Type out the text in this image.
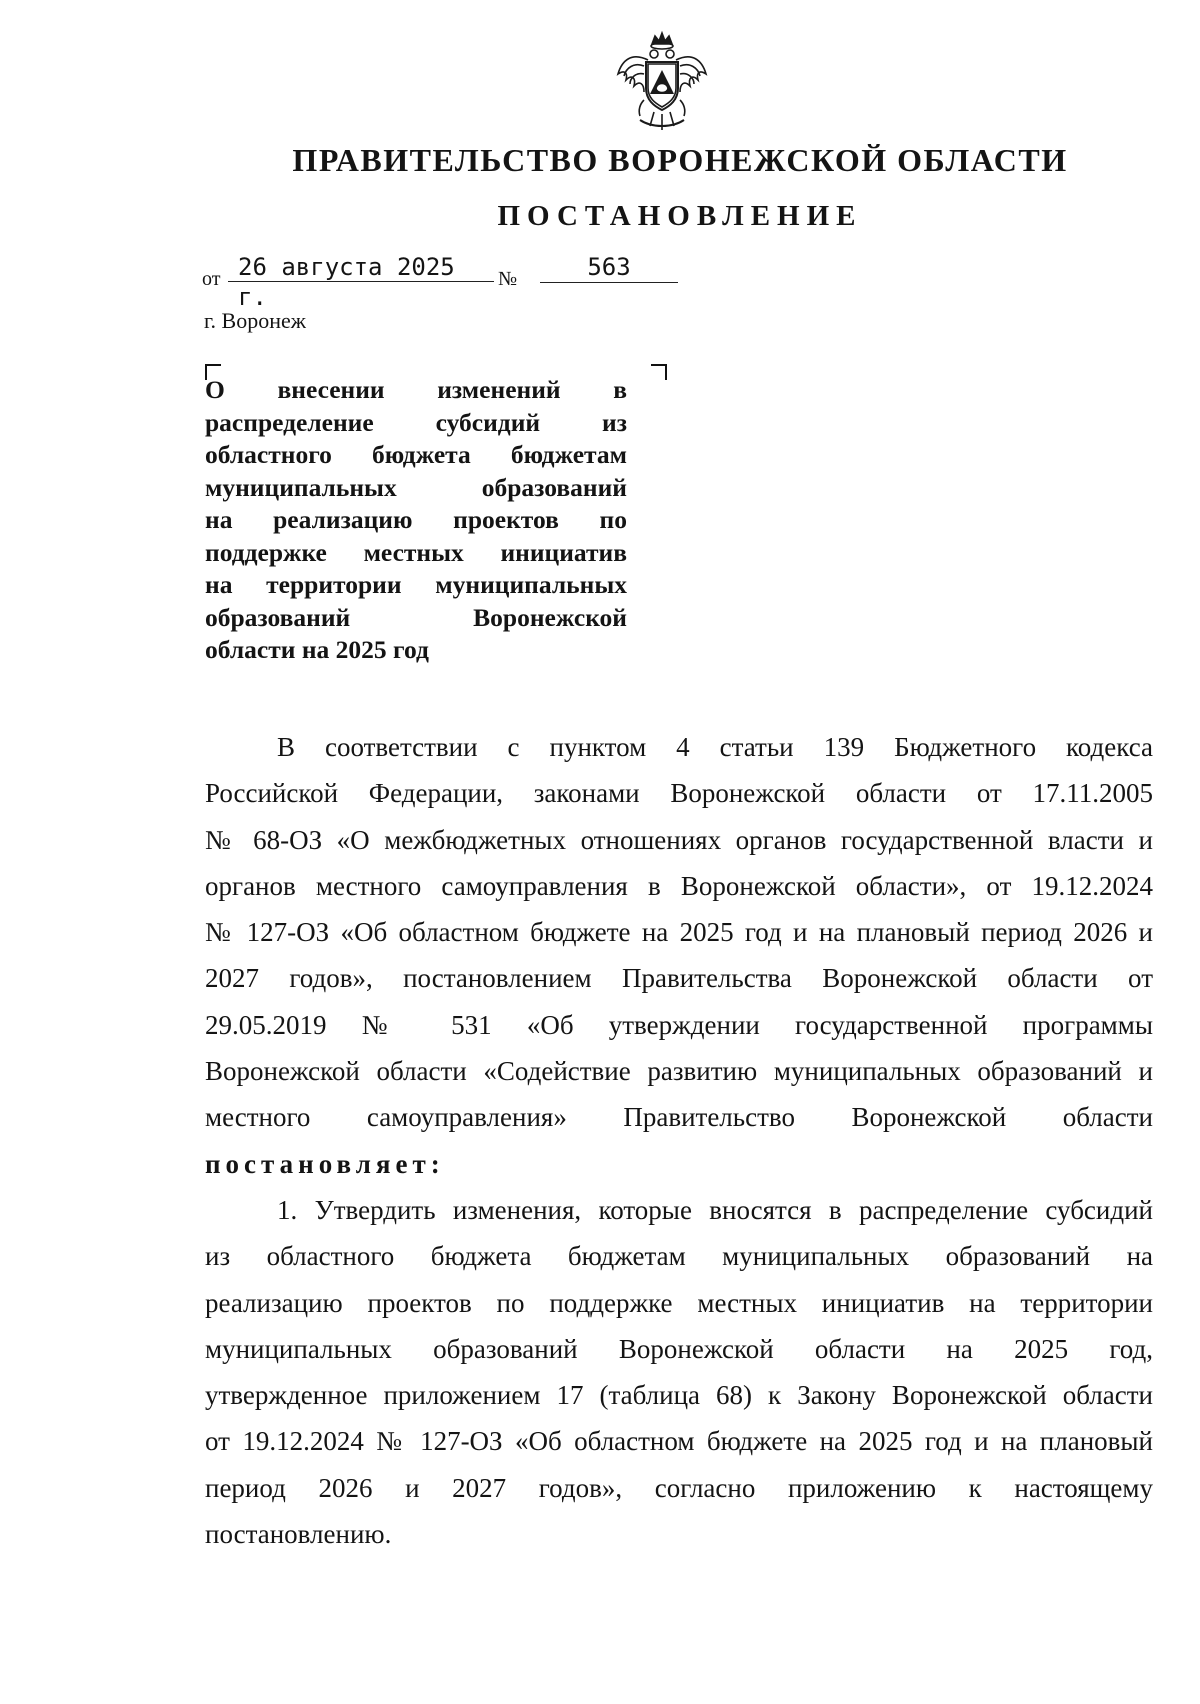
ПРАВИТЕЛЬСТВО ВОРОНЕЖСКОЙ ОБЛАСТИ
ПОСТАНОВЛЕНИЕ
от 26 августа 2025 г.
№	563
г. Воронеж
О внесении изменений в
распределение субсидий из
областного бюджета бюджетам
муниципальных образований
на реализацию проектов по
поддержке местных инициатив
на территории муниципальных
образований Воронежской
области на 2025 год
В соответствии с пунктом 4 статьи 139 Бюджетного кодекса
Российской Федерации, законами Воронежской области от 17.11.2005
№ 68-ОЗ «О межбюджетных отношениях органов государственной власти и
органов местного самоуправления в Воронежской области», от 19.12.2024
№ 127-ОЗ «Об областном бюджете на 2025 год и на плановый период 2026 и
2027 годов», постановлением Правительства Воронежской области от
29.05.2019 № 531 «Об утверждении государственной программы
Воронежской области «Содействие развитию муниципальных образований и
местного самоуправления» Правительство Воронежской области
постановляет:
1. Утвердить изменения, которые вносятся в распределение субсидий
из областного бюджета бюджетам муниципальных образований на
реализацию проектов по поддержке местных инициатив на территории
муниципальных образований Воронежской области на 2025 год,
утвержденное приложением 17 (таблица 68) к Закону Воронежской области
от 19.12.2024 № 127-ОЗ «Об областном бюджете на 2025 год и на плановый
период 2026 и 2027 годов», согласно приложению к настоящему
постановлению.
